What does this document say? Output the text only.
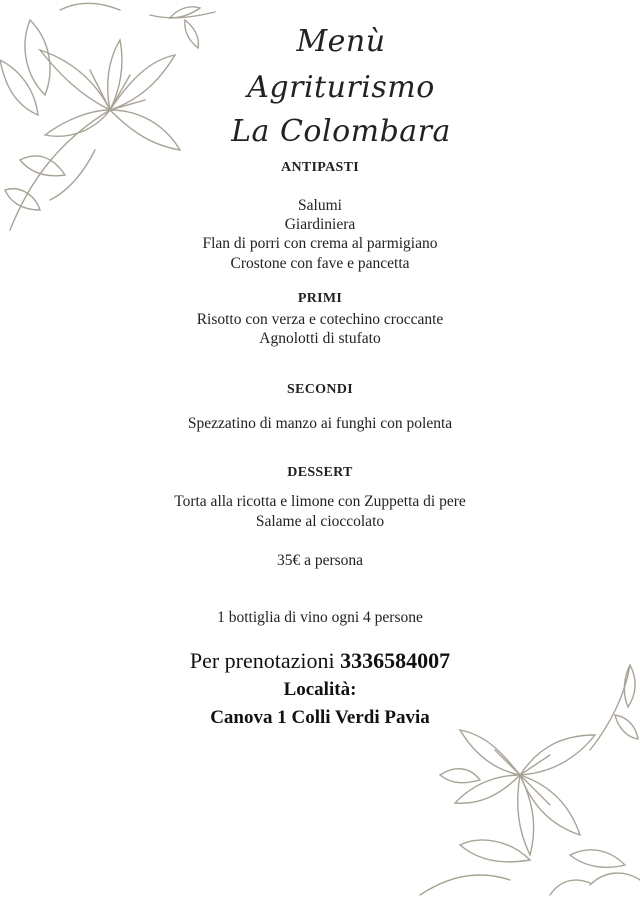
Menù
Agriturismo
La Colombara
ANTIPASTI
Salumi
Giardiniera
Flan di porri con crema al parmigiano
Crostone con fave e pancetta
PRIMI
Risotto con verza e cotechino croccante
Agnolotti di stufato
SECONDI
Spezzatino di manzo ai funghi con polenta
DESSERT
Torta alla ricotta e limone con Zuppetta di pere
Salame al cioccolato
35€ a persona
1 bottiglia di vino ogni 4 persone
Per prenotazioni 3336584007
Località:
Canova 1 Colli Verdi Pavia
